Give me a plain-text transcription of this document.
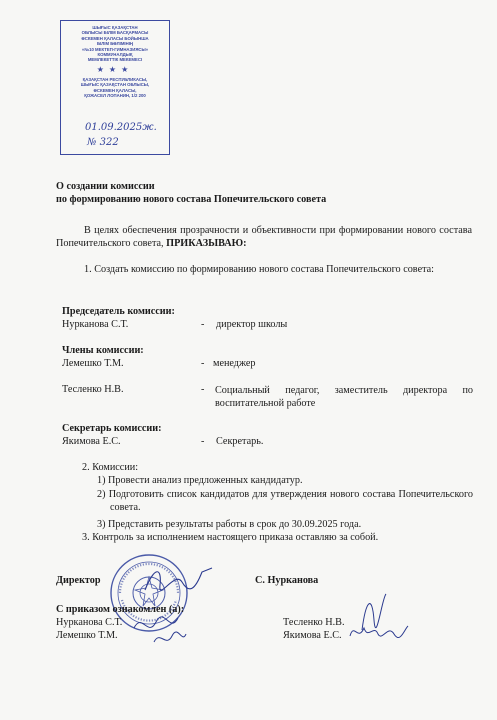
ШЫҒЫС ҚАЗАҚСТАН
ОБЛЫСЫ БІЛІМ БАСҚАРМАСЫ
ӨСКЕМЕН ҚАЛАСЫ БОЙЫНША
БІЛІМ БӨЛІМІНІҢ
«№10 МЕКТЕП-ГИМНАЗИЯСЫ»
КОММУНАЛДЫҚ
МЕМЛЕКЕТТІК МЕКЕМЕСІ
★★★
ҚАЗАҚСТАН РЕСПУБЛИКАСЫ,
ШЫҒЫС ҚАЗАҚСТАН ОБЛЫСЫ,
ӨСКЕМЕН ҚАЛАСЫ,
ҚОЖАСЕЛ ЛОПАНИН, 1/2 200
01.09.2025ж.
№ 322
О создании комиссии
по формированию нового состава Попечительского совета
В целях обеспечения прозрачности и объективности при формировании нового состава Попечительского совета, ПРИКАЗЫВАЮ:
1. Создать комиссию по формированию нового состава Попечительского совета:
Председатель комиссии:
Нурканова С.Т.	- директор школы
Члены комиссии:
Лемешко Т.М.	- менеджер
Тесленко Н.В.	- Социальный педагог, заместитель директора по воспитательной работе
Секретарь комиссии:
Якимова Е.С.	- Секретарь.
2. Комиссии:
1) Провести анализ предложенных кандидатур.
2) Подготовить список кандидатов для утверждения нового состава Попечительского совета.
3) Представить результаты работы в срок до 30.09.2025 года.
3. Контроль за исполнением настоящего приказа оставляю за собой.
Директор	С. Нурканова
С приказом ознакомлен (а):
Нурканова С.Т.
Лемешко Т.М.
Тесленко Н.В.
Якимова Е.С.
